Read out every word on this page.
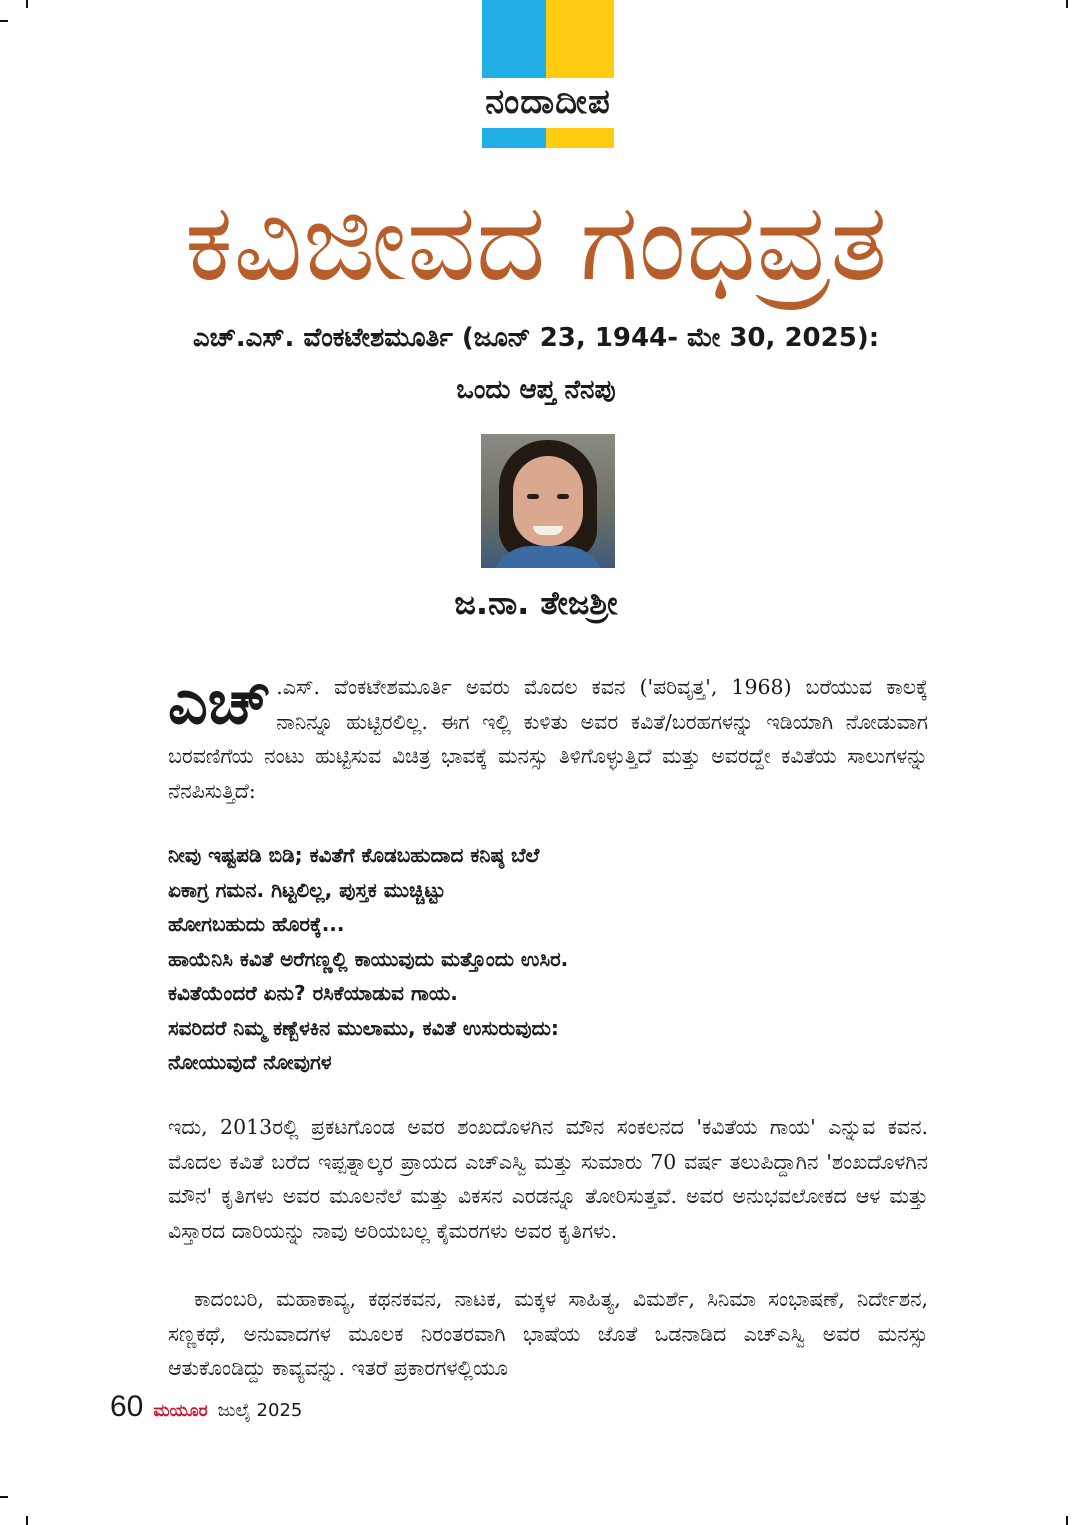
ನಂದಾದೀಪ
ಕವಿಜೀವದ ಗಂಧವ್ರತ
ಎಚ್.ಎಸ್. ವೆಂಕಟೇಶಮೂರ್ತಿ (ಜೂನ್ 23, 1944- ಮೇ 30, 2025):
ಒಂದು ಆಪ್ತ ನೆನಪು
ಜ.ನಾ. ತೇಜಶ್ರೀ
ಎಚ್ .ಎಸ್. ವೆಂಕಟೇಶಮೂರ್ತಿ ಅವರು ಮೊದಲ ಕವನ ('ಪರಿವೃತ್ತ', 1968) ಬರೆಯುವ ಕಾಲಕ್ಕೆ ನಾನಿನ್ನೂ ಹುಟ್ಟಿರಲಿಲ್ಲ. ಈಗ ಇಲ್ಲಿ ಕುಳಿತು ಅವರ ಕವಿತೆ/ಬರಹಗಳನ್ನು ಇಡಿಯಾಗಿ ನೋಡುವಾಗ ಬರವಣಿಗೆಯ ನಂಟು ಹುಟ್ಟಿಸುವ ವಿಚಿತ್ರ ಭಾವಕ್ಕೆ ಮನಸ್ಸು ತಿಳಿಗೊಳ್ಳುತ್ತಿದೆ ಮತ್ತು ಅವರದ್ದೇ ಕವಿತೆಯ ಸಾಲುಗಳನ್ನು ನೆನಪಿಸುತ್ತಿದೆ:
ನೀವು ಇಷ್ಟಪಡಿ ಬಿಡಿ; ಕವಿತೆಗೆ ಕೊಡಬಹುದಾದ ಕನಿಷ್ಠ ಬೆಲೆ
ಏಕಾಗ್ರ ಗಮನ. ಗಿಟ್ಟಲಿಲ್ಲ, ಪುಸ್ತಕ ಮುಚ್ಚಿಟ್ಟು
ಹೋಗಬಹುದು ಹೊರಕ್ಕೆ...
ಹಾಯೆನಿಸಿ ಕವಿತೆ ಅರೆಗಣ್ಣಲ್ಲಿ ಕಾಯುವುದು ಮತ್ತೊಂದು ಉಸಿರ.
ಕವಿತೆಯೆಂದರೆ ಏನು? ರಸಿಕೆಯಾಡುವ ಗಾಯ.
ಸವರಿದರೆ ನಿಮ್ಮ ಕಣ್ಬೆಳಕಿನ ಮುಲಾಮು, ಕವಿತೆ ಉಸುರುವುದು:
ನೋಯುವುದೆ ನೋವುಗಳ
ಇದು, 2013ರಲ್ಲಿ ಪ್ರಕಟಗೊಂಡ ಅವರ ಶಂಖದೊಳಗಿನ ಮೌನ ಸಂಕಲನದ 'ಕವಿತೆಯ ಗಾಯ' ಎನ್ನುವ ಕವನ. ಮೊದಲ ಕವಿತೆ ಬರೆದ ಇಪ್ಪತ್ನಾಲ್ಕರ ಪ್ರಾಯದ ಎಚ್ಎಸ್ವಿ ಮತ್ತು ಸುಮಾರು 70 ವರ್ಷ ತಲುಪಿದ್ದಾಗಿನ 'ಶಂಖದೊಳಗಿನ ಮೌನ' ಕೃತಿಗಳು ಅವರ ಮೂಲನೆಲೆ ಮತ್ತು ವಿಕಸನ ಎರಡನ್ನೂ ತೋರಿಸುತ್ತವೆ. ಅವರ ಅನುಭವಲೋಕದ ಆಳ ಮತ್ತು ವಿಸ್ತಾರದ ದಾರಿಯನ್ನು ನಾವು ಅರಿಯಬಲ್ಲ ಕೈಮರಗಳು ಅವರ ಕೃತಿಗಳು.
ಕಾದಂಬರಿ, ಮಹಾಕಾವ್ಯ, ಕಥನಕವನ, ನಾಟಕ, ಮಕ್ಕಳ ಸಾಹಿತ್ಯ, ವಿಮರ್ಶೆ, ಸಿನಿಮಾ ಸಂಭಾಷಣೆ, ನಿರ್ದೇಶನ, ಸಣ್ಣಕಥೆ, ಅನುವಾದಗಳ ಮೂಲಕ ನಿರಂತರವಾಗಿ ಭಾಷೆಯ ಜೊತೆ ಒಡನಾಡಿದ ಎಚ್ಎಸ್ವಿ ಅವರ ಮನಸ್ಸು ಆತುಕೊಂಡಿದ್ದು ಕಾವ್ಯವನ್ನು. ಇತರೆ ಪ್ರಕಾರಗಳಲ್ಲಿಯೂ
60 ಮಯೂರ ಜುಲೈ 2025
